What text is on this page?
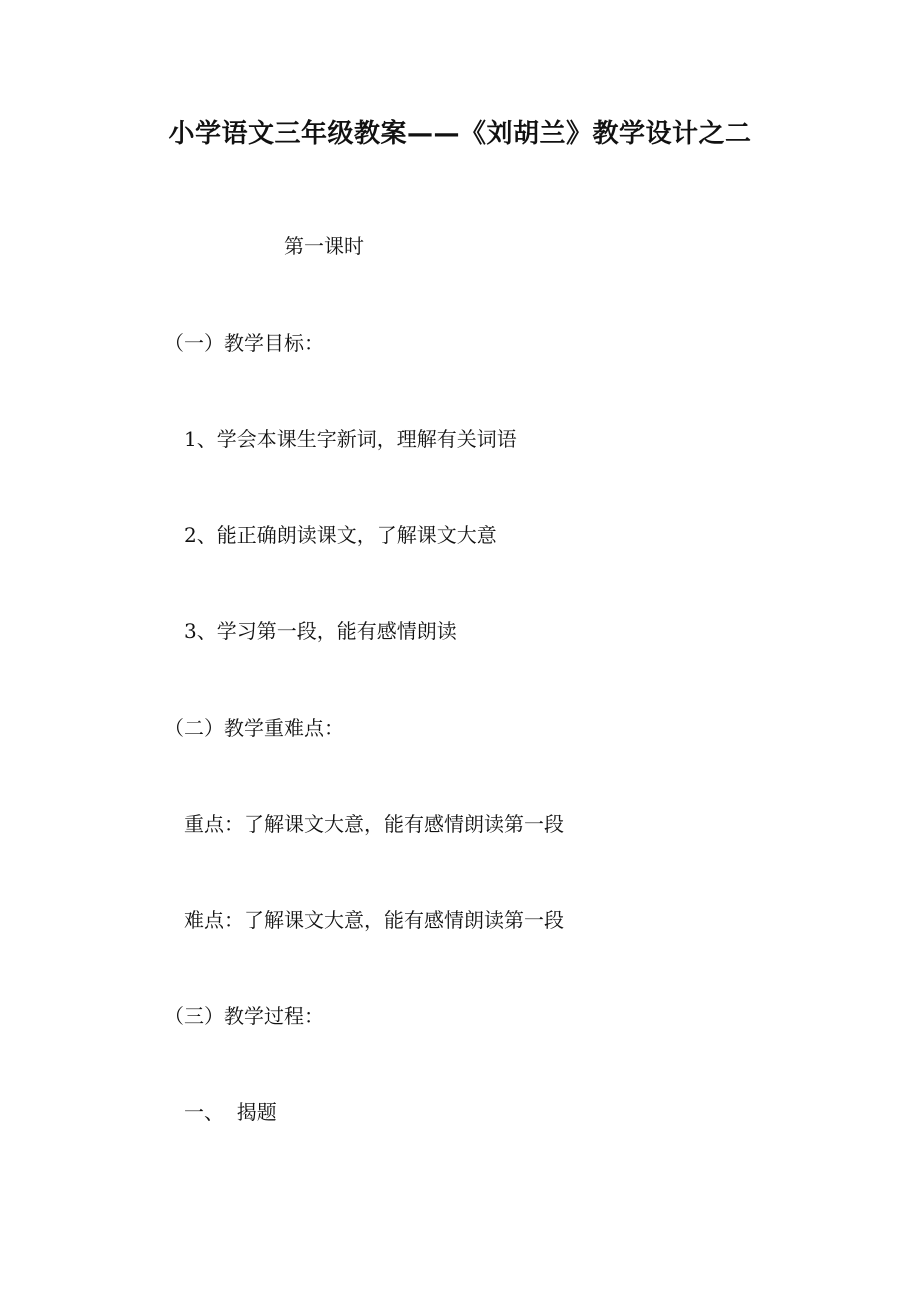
小学语文三年级教案——《刘胡兰》教学设计之二
第一课时
（一）教学目标：
1、学会本课生字新词，理解有关词语
2、能正确朗读课文，了解课文大意
3、学习第一段，能有感情朗读
（二）教学重难点：
重点：了解课文大意，能有感情朗读第一段
难点：了解课文大意，能有感情朗读第一段
（三）教学过程：
一、  揭题
